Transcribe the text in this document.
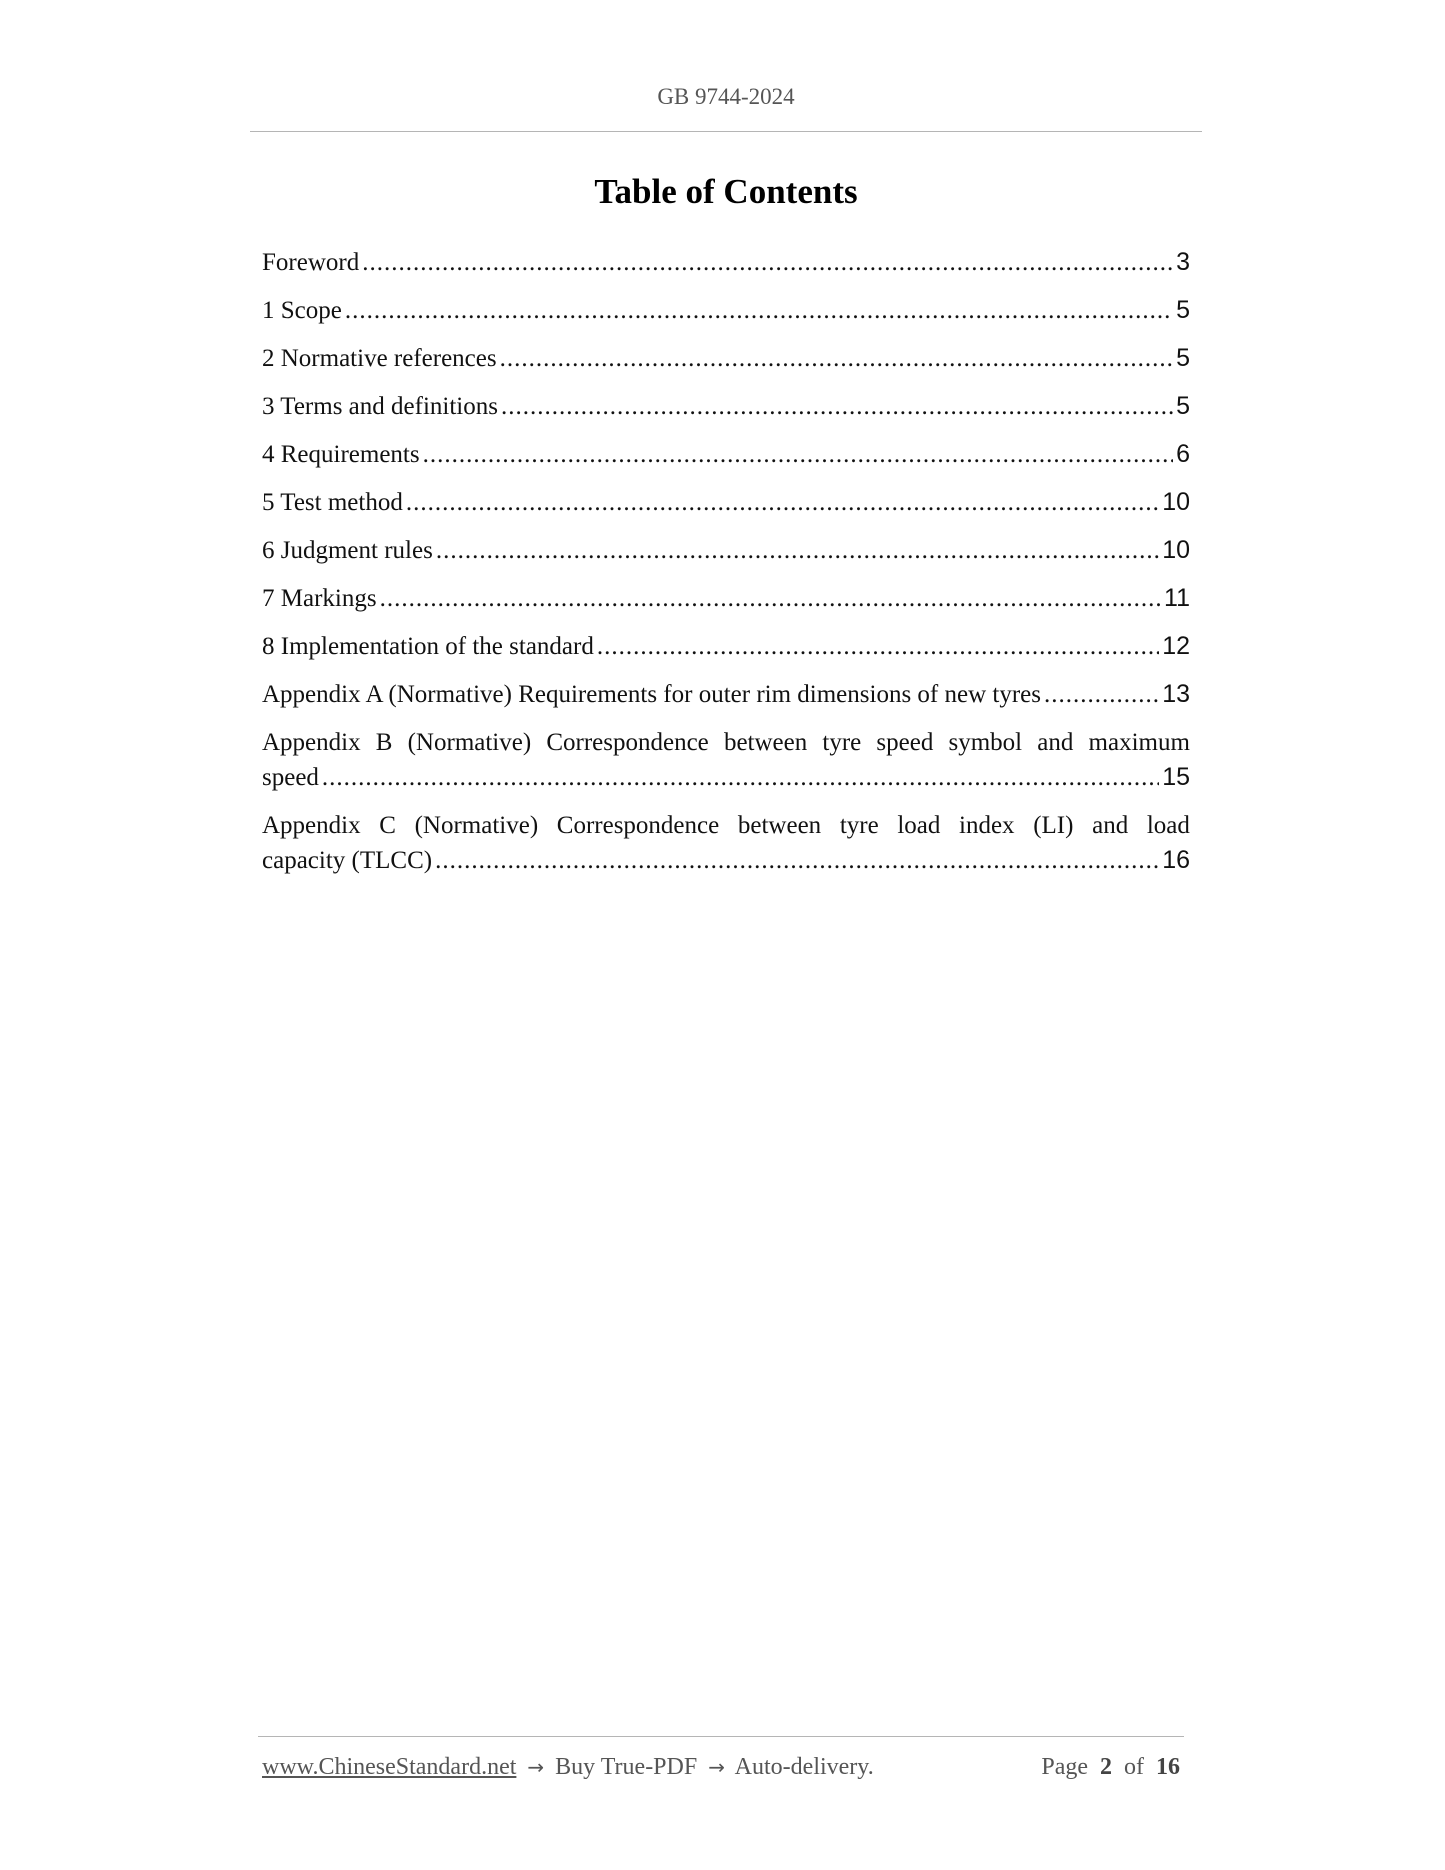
GB 9744-2024
Table of Contents
Foreword .....	3
1 Scope .....	5
2 Normative references .....	5
3 Terms and definitions .....	5
4 Requirements .....	6
5 Test method .....	10
6 Judgment rules .....	10
7 Markings .....	11
8 Implementation of the standard .....	12
Appendix A (Normative) Requirements for outer rim dimensions of new tyres .....	13
Appendix B (Normative) Correspondence between tyre speed symbol and maximum
speed .....	15
Appendix C (Normative) Correspondence between tyre load index (LI) and load
capacity (TLCC) .....	16
www.ChineseStandard.net → Buy True-PDF → Auto-delivery.	Page 2 of 16
